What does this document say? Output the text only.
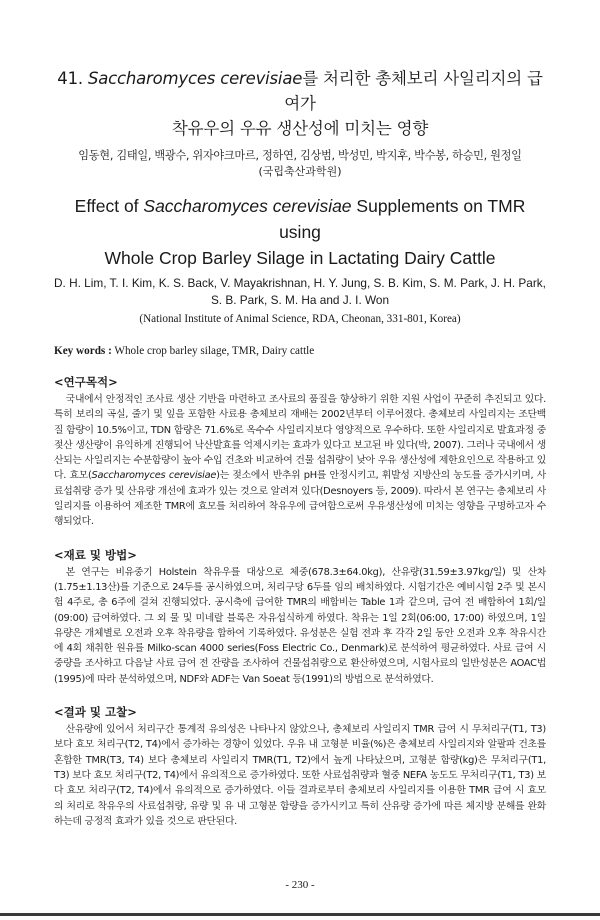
41. Saccharomyces cerevisiae를 처리한 총체보리 사일리지의 급여가
착유우의 우유 생산성에 미치는 영향
임동현, 김태일, 백광수, 위자야크마르, 정하연, 김상범, 박성민, 박지후, 박수봉, 하승민, 원정일
(국립축산과학원)
Effect of Saccharomyces cerevisiae Supplements on TMR using
Whole Crop Barley Silage in Lactating Dairy Cattle
D. H. Lim, T. I. Kim, K. S. Back, V. Mayakrishnan, H. Y. Jung, S. B. Kim, S. M. Park, J. H. Park,
S. B. Park, S. M. Ha and J. I. Won
(National Institute of Animal Science, RDA, Cheonan, 331-801, Korea)
Key words : Whole crop barley silage, TMR, Dairy cattle
<연구목적>

국내에서 안정적인 조사료 생산 기반을 마련하고 조사료의 품질을 향상하기 위한 지원 사업이 꾸준히 추진되고 있다. 특히 보리의 곡실, 줄기 및 잎을 포함한 사료용 총체보리 재배는 2002년부터 이루어졌다. 총체보리 사일리지는 조단백질 함량이 10.5%이고, TDN 함량은 71.6%로 옥수수 사일리지보다 영양적으로 우수하다. 또한 사일리지로 발효과정 중 젖산 생산량이 유익하게 진행되어 낙산발효를 억제시키는 효과가 있다고 보고된 바 있다(박, 2007). 그러나 국내에서 생산되는 사일리지는 수분함량이 높아 수입 건초와 비교하여 건물 섭취량이 낮아 우유 생산성에 제한요인으로 작용하고 있다. 효모(Saccharomyces cerevisiae)는 젖소에서 반추위 pH를 안정시키고, 휘발성 지방산의 농도를 증가시키며, 사료섭취량 증가 및 산유량 개선에 효과가 있는 것으로 알려져 있다(Desnoyers 등, 2009). 따라서 본 연구는 총체보리 사일리지를 이용하여 제조한 TMR에 효모를 처리하여 착유우에 급여함으로써 우유생산성에 미치는 영향을 구명하고자 수행되었다.

<재료 및 방법>

본 연구는 비유중기 Holstein 착유우를 대상으로 체중(678.3±64.0kg), 산유량(31.59±3.97kg/일) 및 산차(1.75±1.13산)를 기준으로 24두를 공시하였으며, 처리구당 6두를 임의 배치하였다. 시험기간은 예비시험 2주 및 본시험 4주로, 총 6주에 걸쳐 진행되었다. 공시축에 급여한 TMR의 배합비는 Table 1과 같으며, 급여 전 배합하여 1회/일(09:00) 급여하였다. 그 외 물 및 미네랄 블록은 자유섭식하게 하였다. 착유는 1일 2회(06:00, 17:00) 하였으며, 1일 유량은 개체별로 오전과 오후 착유량을 합하여 기록하였다. 유성분은 실험 전과 후 각각 2일 동안 오전과 오후 착유시간에 4회 채취한 원유를 Milko-scan 4000 series(Foss Electric Co., Denmark)로 분석하여 평균하였다. 사료 급여 시 중량을 조사하고 다음날 사료 급여 전 잔량을 조사하여 건물섭취량으로 환산하였으며, 시험사료의 일반성분은 AOAC법(1995)에 따라 분석하였으며, NDF와 ADF는 Van Soeat 등(1991)의 방법으로 분석하였다.

<결과 및 고찰>

산유량에 있어서 처리구간 통계적 유의성은 나타나지 않았으나, 총체보리 사일리지 TMR 급여 시 무처리구(T1, T3) 보다 효모 처리구(T2, T4)에서 증가하는 경향이 있었다. 우유 내 고형분 비율(%)은 총체보리 사일리지와 알팔파 건초를 혼합한 TMR(T3, T4) 보다 총체보리 사일리지 TMR(T1, T2)에서 높게 나타났으며, 고형분 함량(kg)은 무처리구(T1, T3) 보다 효모 처리구(T2, T4)에서 유의적으로 증가하였다. 또한 사료섭취량과 혈중 NEFA 농도도 무처리구(T1, T3) 보다 효모 처리구(T2, T4)에서 유의적으로 증가하였다. 이들 결과로부터 총체보리 사일리지를 이용한 TMR 급여 시 효모의 처리로 착유우의 사료섭취량, 유량 및 유 내 고형분 함량을 증가시키고 특히 산유량 증가에 따른 체지방 분해를 완화하는데 긍정적 효과가 있을 것으로 판단된다.

- 230 -
